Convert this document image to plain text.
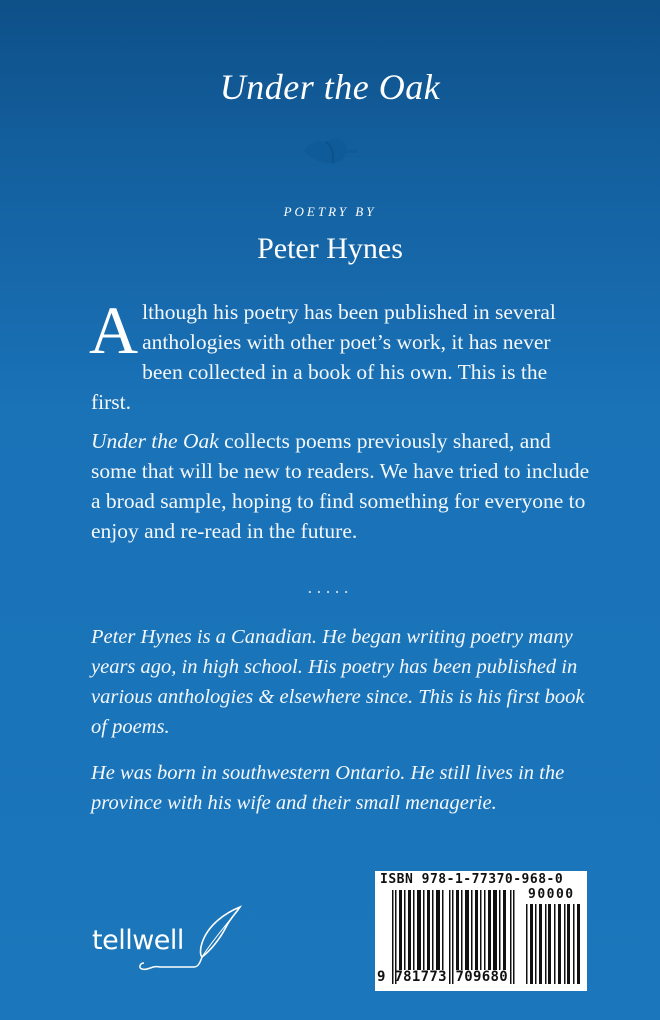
Under the Oak
POETRY BY
Peter Hynes
Although his poetry has been published in several anthologies with other poet’s work, it has never been collected in a book of his own. This is the first.
Under the Oak collects poems previously shared, and some that will be new to readers. We have tried to include a broad sample, hoping to find something for everyone to enjoy and re-read in the future.
.....
Peter Hynes is a Canadian. He began writing poetry many years ago, in high school. His poetry has been published in various anthologies & elsewhere since. This is his first book of poems.
He was born in southwestern Ontario. He still lives in the province with his wife and their small menagerie.
tellwell
ISBN 978-1-77370-968-0
90000
9 781773 709680
